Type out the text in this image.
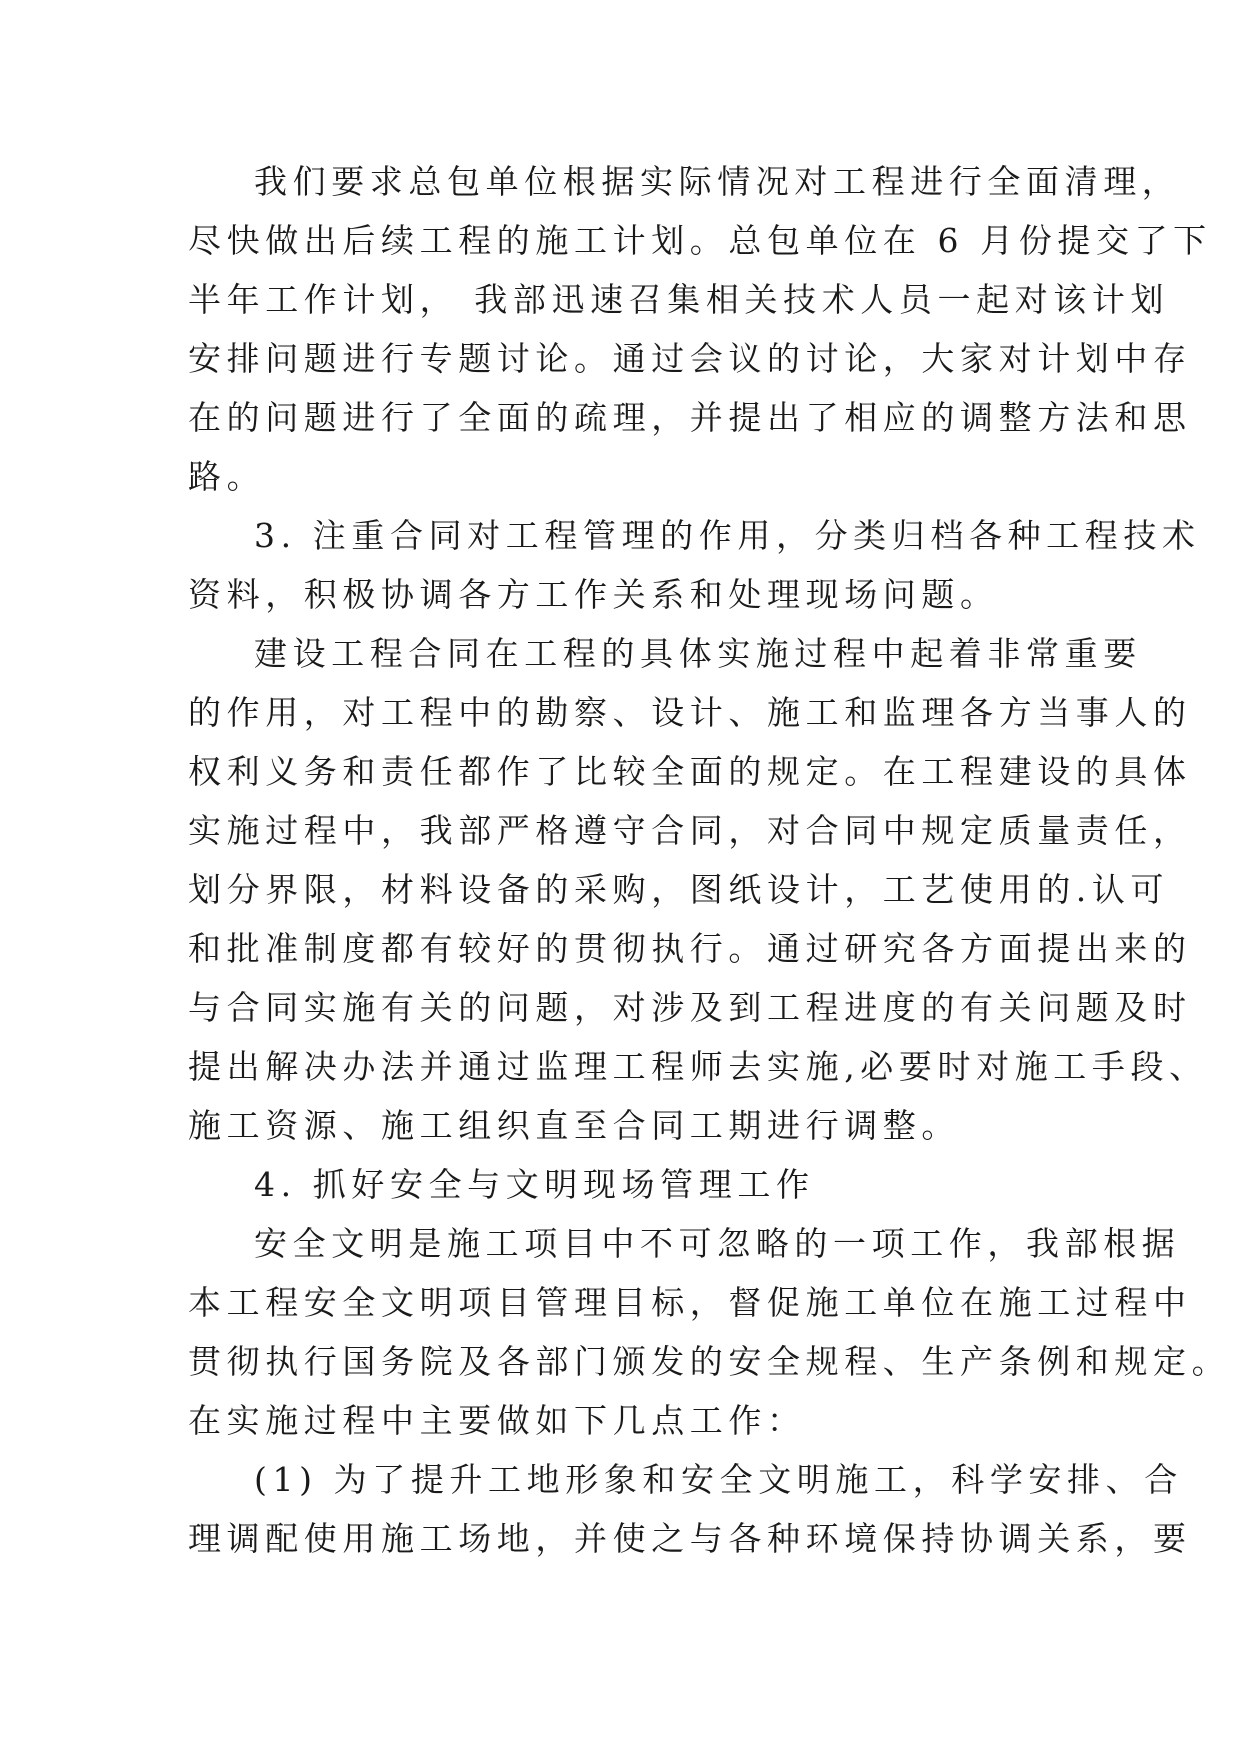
我们要求总包单位根据实际情况对工程进行全面清理，
尽快做出后续工程的施工计划。总包单位在 6 月份提交了下
半年工作计划， 我部迅速召集相关技术人员一起对该计划
安排问题进行专题讨论。通过会议的讨论，大家对计划中存
在的问题进行了全面的疏理，并提出了相应的调整方法和思
路。

3. 注重合同对工程管理的作用，分类归档各种工程技术
资料，积极协调各方工作关系和处理现场问题。

建设工程合同在工程的具体实施过程中起着非常重要
的作用，对工程中的勘察、设计、施工和监理各方当事人的
权利义务和责任都作了比较全面的规定。在工程建设的具体
实施过程中，我部严格遵守合同，对合同中规定质量责任，
划分界限，材料设备的采购，图纸设计，工艺使用的.认可
和批准制度都有较好的贯彻执行。通过研究各方面提出来的
与合同实施有关的问题，对涉及到工程进度的有关问题及时
提出解决办法并通过监理工程师去实施,必要时对施工手段、
施工资源、施工组织直至合同工期进行调整。

4. 抓好安全与文明现场管理工作

安全文明是施工项目中不可忽略的一项工作，我部根据
本工程安全文明项目管理目标，督促施工单位在施工过程中
贯彻执行国务院及各部门颁发的安全规程、生产条例和规定。
在实施过程中主要做如下几点工作：

(1) 为了提升工地形象和安全文明施工，科学安排、合
理调配使用施工场地，并使之与各种环境保持协调关系，要
